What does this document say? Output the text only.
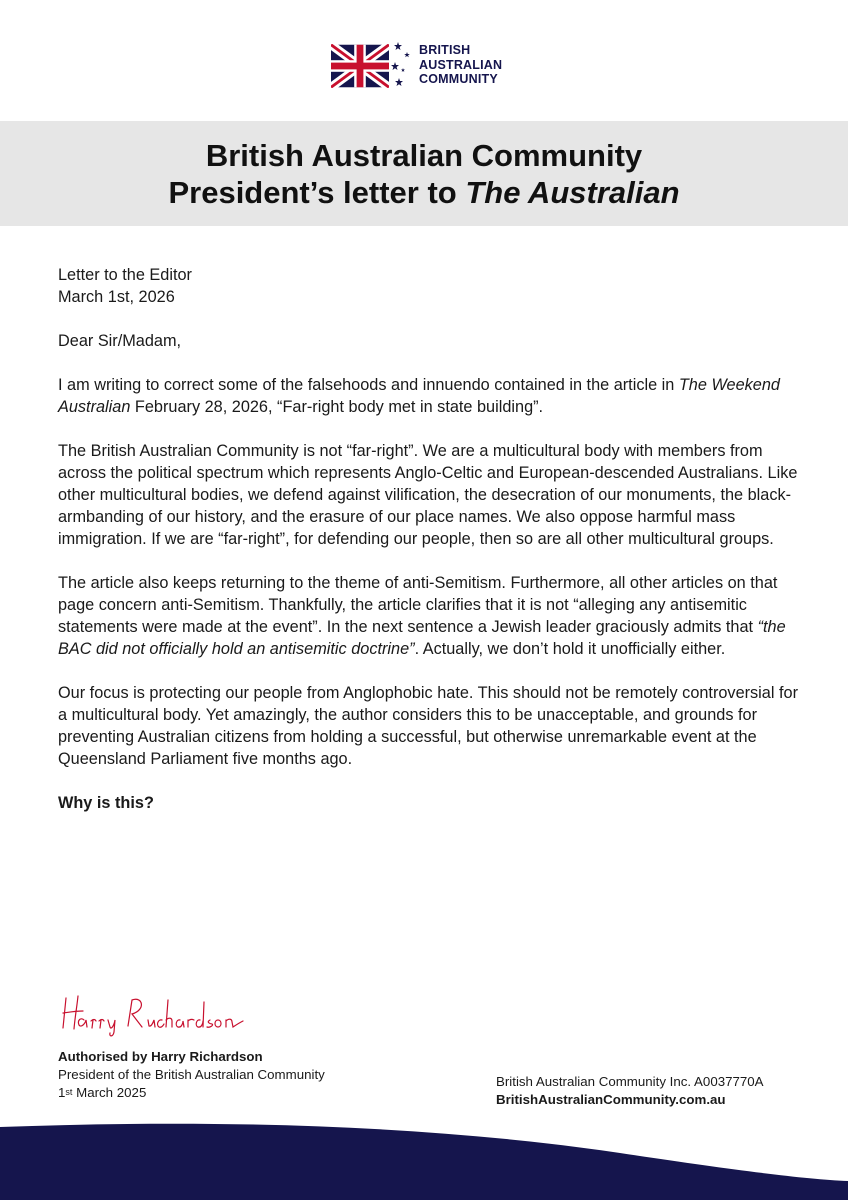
BRITISH
AUSTRALIAN
COMMUNITY
British Australian Community
President’s letter to The Australian

Letter to the Editor

March 1st, 2026

Dear Sir/Madam,

I am writing to correct some of the falsehoods and innuendo contained in the article in The Weekend Australian February 28, 2026, “Far-right body met in state building”.

The British Australian Community is not “far-right”. We are a multicultural body with members from across the political spectrum which represents Anglo-Celtic and European-descended Australians. Like other multicultural bodies, we defend against vilification, the desecration of our monuments, the black-armbanding of our history, and the erasure of our place names. We also oppose harmful mass immigration. If we are “far-right”, for defending our people, then so are all other multicultural groups.

The article also keeps returning to the theme of anti-Semitism. Furthermore, all other articles on that page concern anti-Semitism. Thankfully, the article clarifies that it is not “alleging any antisemitic statements were made at the event”. In the next sentence a Jewish leader graciously admits that “the BAC did not officially hold an antisemitic doctrine”. Actually, we don’t hold it unofficially either.

Our focus is protecting our people from Anglophobic hate. This should not be remotely controversial for a multicultural body. Yet amazingly, the author considers this to be unacceptable, and grounds for preventing Australian citizens from holding a successful, but otherwise unremarkable event at the Queensland Parliament five months ago.

Why is this?

Authorised by Harry Richardson
President of the British Australian Community
1st March 2025
British Australian Community Inc. A0037770A
BritishAustralianCommunity.com.au
